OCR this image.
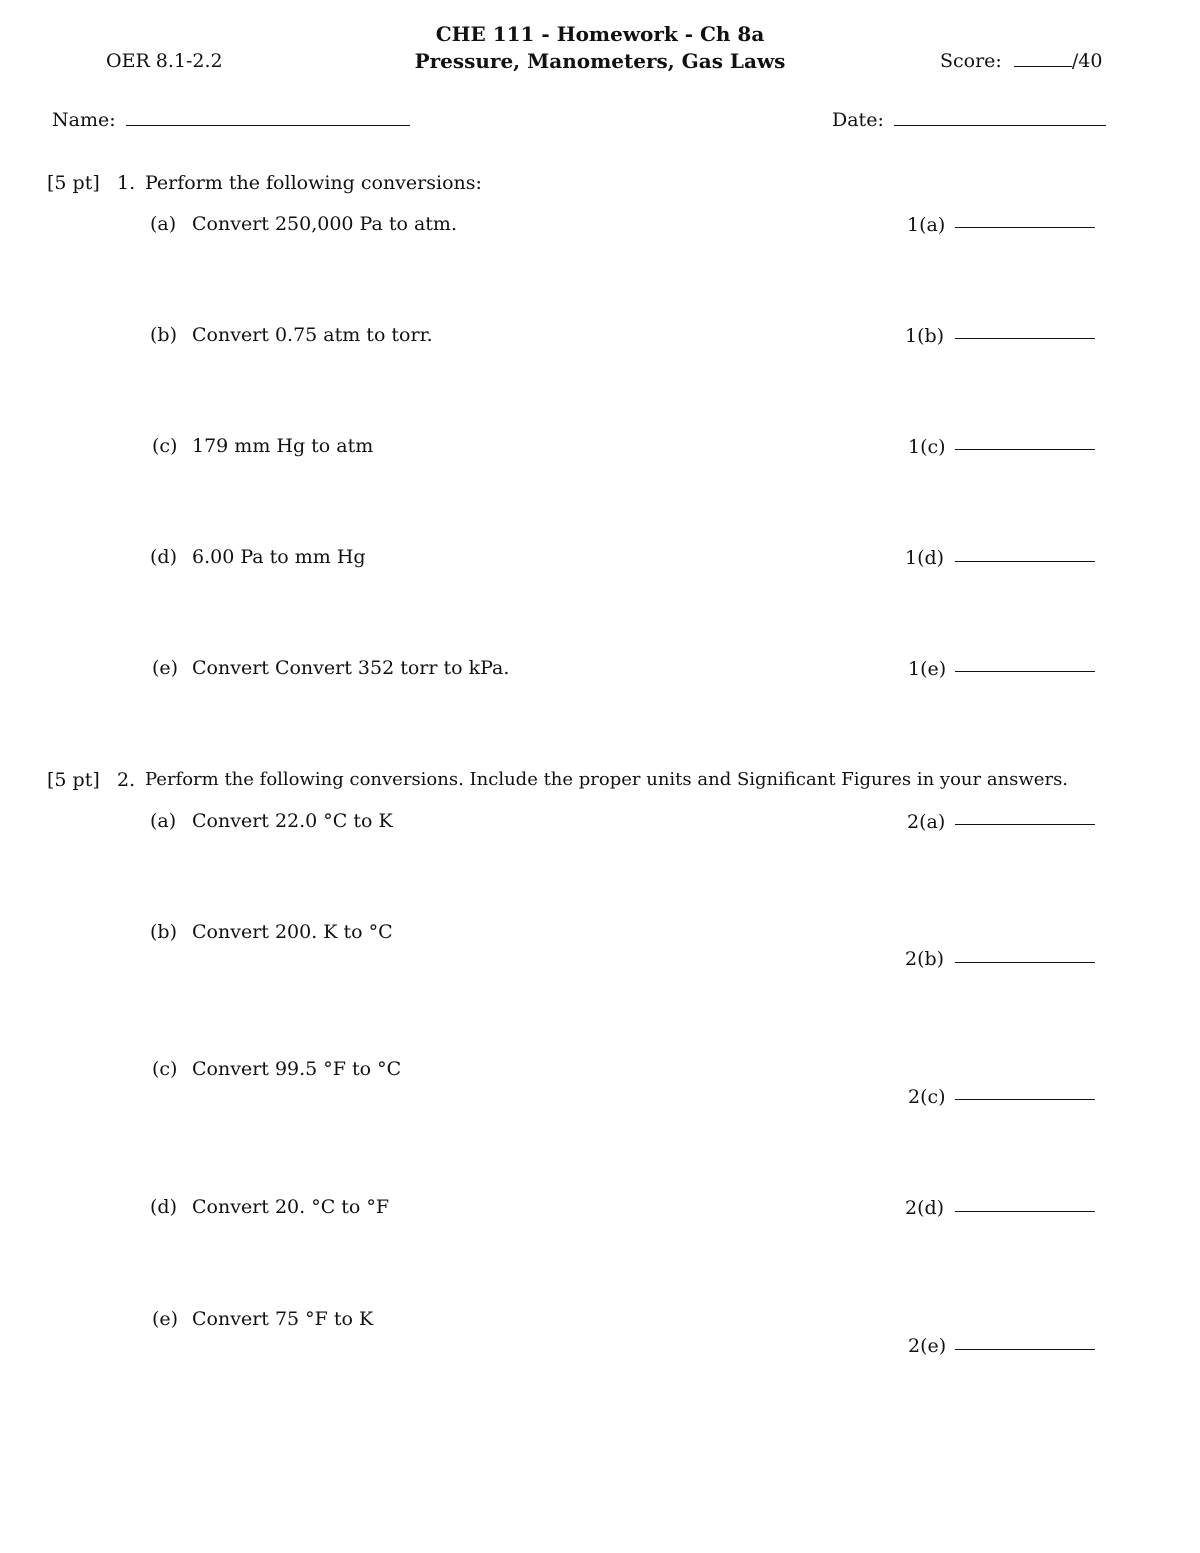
CHE 111 - Homework - Ch 8a
Pressure, Manometers, Gas Laws
OER 8.1-2.2	Score:	/40
Name:	Date:
[5 pt] 1. Perform the following conversions:
(a) Convert 250,000 Pa to atm.	1(a)
(b) Convert 0.75 atm to torr.	1(b)
(c) 179 mm Hg to atm	1(c)
(d) 6.00 Pa to mm Hg	1(d)
(e) Convert Convert 352 torr to kPa.	1(e)
[5 pt] 2. Perform the following conversions. Include the proper units and Significant Figures in your answers.
(a) Convert 22.0 °C to K	2(a)
(b) Convert 200. K to °C
2(b)
(c) Convert 99.5 °F to °C
2(c)
(d) Convert 20. °C to °F	2(d)
(e) Convert 75 °F to K
2(e)
